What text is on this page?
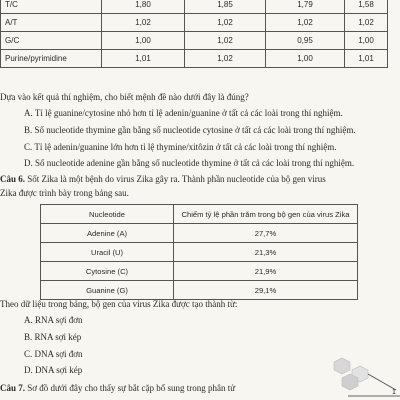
T/C	1,80	1,85	1,79	1,58
A/T	1,02	1,02	1,02	1,02
G/C	1,00	1,02	0,95	1,00
Purine/pyrimidine	1,01	1,02	1,00	1,01
Dựa vào kết quả thí nghiệm, cho biết mệnh đề nào dưới đây là đúng?
A. Tỉ lệ guanine/cytosine nhỏ hơn tỉ lệ adenin/guanine ở tất cả các loài trong thí nghiệm.
B. Số nucleotide thymine gần bằng số nucleotide cytosine ở tất cả các loài trong thí nghiệm.
C. Tỉ lệ adenin/guanine lớn hơn tỉ lệ thymine/xitôzin ở tất cả các loài trong thí nghiệm.
D. Số nucleotide adenine gần bằng số nucleotide thymine ở tất cả các loài trong thí nghiệm.
Câu 6. Sốt Zika là một bệnh do virus Zika gây ra. Thành phần nucleotide của bộ gen virus
Zika được trình bày trong bảng sau.
Nucleotide	Chiếm tỷ lệ phần trăm trong bộ gen của virus Zika
Adenine (A)	27,7%
Uracil (U)	21,3%
Cytosine (C)	21,9%
Guanine (G)	29,1%
Theo dữ liệu trong bảng, bộ gen của virus Zika được tạo thành từ:
A. RNA sợi đơn
B. RNA sợi kép
C. DNA sợi đơn
D. DNA sợi kép
Câu 7. Sơ đồ dưới đây cho thấy sự bắt cặp bổ sung trong phân tử	1
